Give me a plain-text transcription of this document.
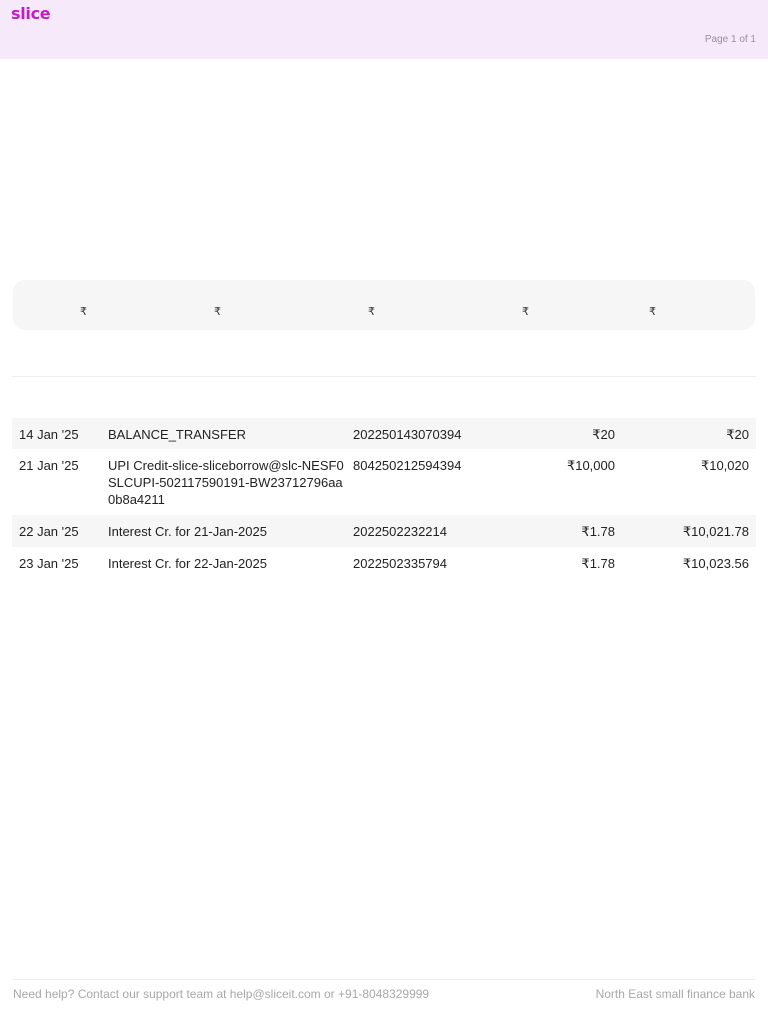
slice
Page 1 of 1
₹	₹	₹	₹	₹
14 Jan '25 BALANCE_TRANSFER	202250143070394	₹20	₹20
21 Jan '25 UPI Credit-slice-sliceborrow@slc-NESF0SLCUPI-502117590191-BW23712796aa0b8a4211
804250212594394	₹10,000	₹10,020
22 Jan '25 Interest Cr. for 21-Jan-2025	2022502232214	₹1.78	₹10,021.78
23 Jan '25 Interest Cr. for 22-Jan-2025	2022502335794	₹1.78	₹10,023.56
Need help? Contact our support team at help@sliceit.com or +91-8048329999	North East small finance bank
